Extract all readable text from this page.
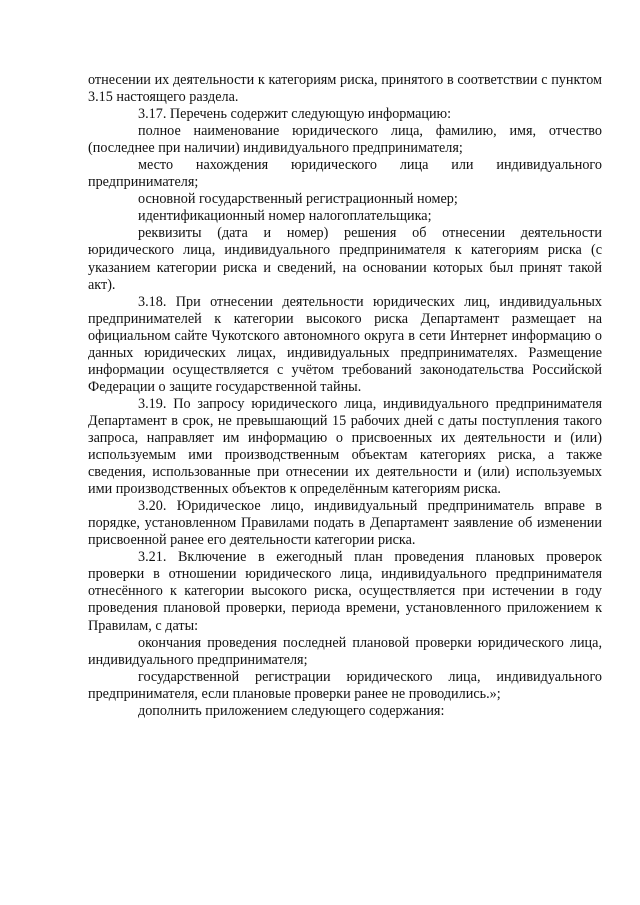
отнесении их деятельности к категориям риска, принятого в соответствии с пунктом 3.15 настоящего раздела.

3.17. Перечень содержит следующую информацию:

полное наименование юридического лица, фамилию, имя, отчество (последнее при наличии) индивидуального предпринимателя;

место нахождения юридического лица или индивидуального предпринимателя;

основной государственный регистрационный номер;

идентификационный номер налогоплательщика;

реквизиты (дата и номер) решения об отнесении деятельности юридического лица, индивидуального предпринимателя к категориям риска (с указанием категории риска и сведений, на основании которых был принят такой акт).

3.18. При отнесении деятельности юридических лиц, индивидуальных предпринимателей к категории высокого риска Департамент размещает на официальном сайте Чукотского автономного округа в сети Интернет информацию о данных юридических лицах, индивидуальных предпринимателях. Размещение информации осуществляется с учётом требований законодательства Российской Федерации о защите государственной тайны.

3.19. По запросу юридического лица, индивидуального предпринимателя Департамент в срок, не превышающий 15 рабочих дней с даты поступления такого запроса, направляет им информацию о присвоенных их деятельности и (или) используемым ими производственным объектам категориях риска, а также сведения, использованные при отнесении их деятельности и (или) используемых ими производственных объектов к определённым категориям риска.

3.20. Юридическое лицо, индивидуальный предприниматель вправе в порядке, установленном Правилами подать в Департамент заявление об изменении присвоенной ранее его деятельности категории риска.

3.21. Включение в ежегодный план проведения плановых проверок проверки в отношении юридического лица, индивидуального предпринимателя отнесённого к категории высокого риска, осуществляется при истечении в году проведения плановой проверки, периода времени, установленного приложением к Правилам, с даты:

окончания проведения последней плановой проверки юридического лица, индивидуального предпринимателя;

государственной регистрации юридического лица, индивидуального предпринимателя, если плановые проверки ранее не проводились.»;

дополнить приложением следующего содержания:
